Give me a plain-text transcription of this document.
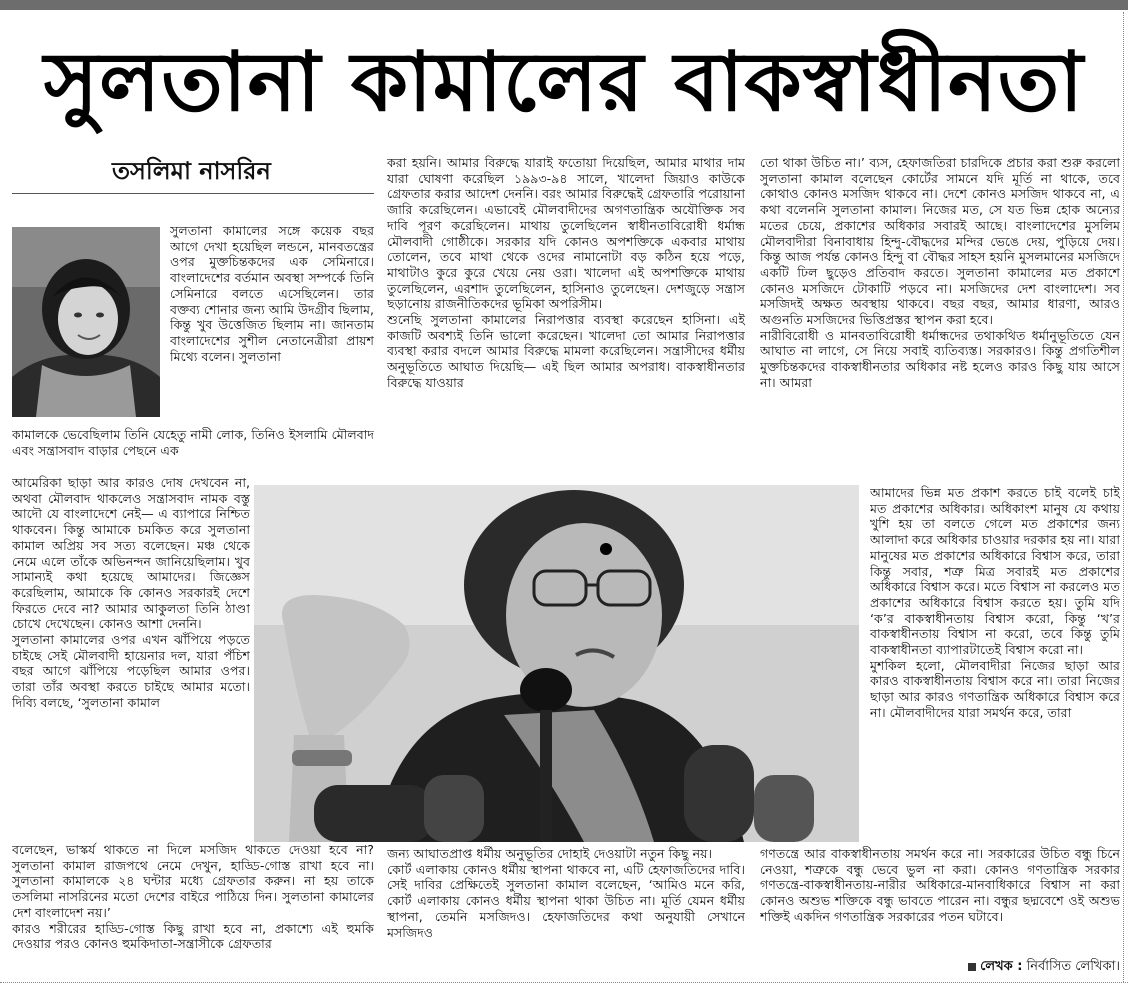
সুলতানা কামালের বাকস্বাধীনতা
তসলিমা নাসরিন

সুলতানা কামালের সঙ্গে কয়েক বছর আগে দেখা হয়েছিল লন্ডনে, মানবতন্ত্রের ওপর মুক্তচিন্তকদের এক সেমিনারে। বাংলাদেশের বর্তমান অবস্থা সম্পর্কে তিনি সেমিনারে বলতে এসেছিলেন। তার বক্তব্য শোনার জন্য আমি উদগ্রীব ছিলাম, কিন্তু খুব উত্তেজিত ছিলাম না। জানতাম বাংলাদেশের সুশীল নেতানেত্রীরা প্রায়শ মিথ্যে বলেন। সুলতানা

কামালকে ভেবেছিলাম তিনি যেহেতু নামী লোক, তিনিও ইসলামি মৌলবাদ এবং সন্ত্রাসবাদ বাড়ার পেছনে এক

আমেরিকা ছাড়া আর কারও দোষ দেখবেন না, অথবা মৌলবাদ থাকলেও সন্ত্রাসবাদ নামক বস্তু আদৌ যে বাংলাদেশে নেই— এ ব্যাপারে নিশ্চিত থাকবেন। কিন্তু আমাকে চমকিত করে সুলতানা কামাল অপ্রিয় সব সত্য বলেছেন। মঞ্চ থেকে নেমে এলে তাঁকে অভিনন্দন জানিয়েছিলাম। খুব সামান্যই কথা হয়েছে আমাদের। জিজ্ঞেস করেছিলাম, আমাকে কি কোনও সরকারই দেশে ফিরতে দেবে না? আমার আকুলতা তিনি ঠাণ্ডা চোখে দেখেছেন। কোনও আশা দেননি।

সুলতানা কামালের ওপর এখন ঝাঁপিয়ে পড়তে চাইছে সেই মৌলবাদী হায়েনার দল, যারা পঁচিশ বছর আগে ঝাঁপিয়ে পড়েছিল আমার ওপর। তারা তাঁর অবস্থা করতে চাইছে আমার মতো। দিব্যি বলছে, ‘সুলতানা কামাল

বলেছেন, ভাস্কর্য থাকতে না দিলে মসজিদ থাকতে দেওয়া হবে না? সুলতানা কামাল রাজপথে নেমে দেখুন, হাড্ডি-গোস্ত রাখা হবে না। সুলতানা কামালকে ২৪ ঘন্টার মধ্যে গ্রেফতার করুন। না হয় তাকে তসলিমা নাসরিনের মতো দেশের বাইরে পাঠিয়ে দিন। সুলতানা কামালের দেশ বাংলাদেশ নয়।’

কারও শরীরের হাড্ডি-গোস্ত কিছু রাখা হবে না, প্রকাশ্যে এই হুমকি দেওয়ার পরও কোনও হুমকিদাতা-সন্ত্রাসীকে গ্রেফতার

করা হয়নি। আমার বিরুদ্ধে যারাই ফতোয়া দিয়েছিল, আমার মাথার দাম যারা ঘোষণা করেছিল ১৯৯৩-৯৪ সালে, খালেদা জিয়াও কাউকে গ্রেফতার করার আদেশ দেননি। বরং আমার বিরুদ্ধেই গ্রেফতারি পরোয়ানা জারি করেছিলেন। এভাবেই মৌলবাদীদের অগণতান্ত্রিক অযৌক্তিক সব দাবি পূরণ করেছিলেন। মাথায় তুলেছিলেন স্বাধীনতাবিরোধী ধর্মান্ধ মৌলবাদী গোষ্ঠীকে। সরকার যদি কোনও অপশক্তিকে একবার মাথায় তোলেন, তবে মাথা থেকে ওদের নামানোটা বড় কঠিন হয়ে পড়ে, মাথাটাও কুরে কুরে খেয়ে নেয় ওরা। খালেদা এই অপশক্তিকে মাথায় তুলেছিলেন, এরশাদ তুলেছিলেন, হাসিনাও তুলেছেন। দেশজুড়ে সন্ত্রাস ছড়ানোয় রাজনীতিকদের ভূমিকা অপরিসীম।

শুনেছি সুলতানা কামালের নিরাপত্তার ব্যবস্থা করেছেন হাসিনা। এই কাজটি অবশ্যই তিনি ভালো করেছেন। খালেদা তো আমার নিরাপত্তার ব্যবস্থা করার বদলে আমার বিরুদ্ধে মামলা করেছিলেন। সন্ত্রাসীদের ধর্মীয় অনুভূতিতে আঘাত দিয়েছি— এই ছিল আমার অপরাধ। বাকস্বাধীনতার বিরুদ্ধে যাওয়ার

জন্য আঘাতপ্রাপ্ত ধর্মীয় অনুভূতির দোহাই দেওয়াটা নতুন কিছু নয়।

কোর্ট এলাকায় কোনও ধর্মীয় স্থাপনা থাকবে না, এটি হেফাজতিদের দাবি। সেই দাবির প্রেক্ষিতেই সুলতানা কামাল বলেছেন, ‘আমিও মনে করি, কোর্ট এলাকায় কোনও ধর্মীয় স্থাপনা থাকা উচিত না। মূর্তি যেমন ধর্মীয় স্থাপনা, তেমনি মসজিদও। হেফাজতিদের কথা অনুযায়ী সেখানে মসজিদও

তো থাকা উচিত না।’ ব্যস, হেফাজতিরা চারদিকে প্রচার করা শুরু করলো সুলতানা কামাল বলেছেন কোর্টের সামনে যদি মূর্তি না থাকে, তবে কোথাও কোনও মসজিদ থাকবে না। দেশে কোনও মসজিদ থাকবে না, এ কথা বলেননি সুলতানা কামাল। নিজের মত, সে যত ভিন্ন হোক অন্যের মতের চেয়ে, প্রকাশের অধিকার সবারই আছে। বাংলাদেশের মুসলিম মৌলবাদীরা বিনাবাধায় হিন্দু-বৌদ্ধদের মন্দির ভেঙে দেয়, পুড়িয়ে দেয়। কিন্তু আজ পর্যন্ত কোনও হিন্দু বা বৌদ্ধর সাহস হয়নি মুসলমানের মসজিদে একটি ঢিল ছুড়েও প্রতিবাদ করতে। সুলতানা কামালের মত প্রকাশে কোনও মসজিদে টোকাটি পড়বে না। মসজিদের দেশ বাংলাদেশ। সব মসজিদই অক্ষত অবস্থায় থাকবে। বছর বছর, আমার ধারণা, আরও অগুনতি মসজিদের ভিত্তিপ্রস্তর স্থাপন করা হবে।

নারীবিরোধী ও মানবতাবিরোধী ধর্মান্ধদের তথাকথিত ধর্মানুভূতিতে যেন আঘাত না লাগে, সে নিয়ে সবাই ব্যতিব্যস্ত। সরকারও। কিন্তু প্রগতিশীল মুক্তচিন্তকদের বাকস্বাধীনতার অধিকার নষ্ট হলেও কারও কিছু যায় আসে না। আমরা

আমাদের ভিন্ন মত প্রকাশ করতে চাই বলেই চাই মত প্রকাশের অধিকার। অধিকাংশ মানুষ যে কথায় খুশি হয় তা বলতে গেলে মত প্রকাশের জন্য আলাদা করে অধিকার চাওয়ার দরকার হয় না। যারা মানুষের মত প্রকাশের অধিকারে বিশ্বাস করে, তারা কিন্তু সবার, শত্রু মিত্র সবারই মত প্রকাশের অধিকারে বিশ্বাস করে। মতে বিশ্বাস না করলেও মত প্রকাশের অধিকারে বিশ্বাস করতে হয়। তুমি যদি ‘ক’র বাকস্বাধীনতায় বিশ্বাস করো, কিন্তু ‘খ’র বাকস্বাধীনতায় বিশ্বাস না করো, তবে কিন্তু তুমি বাকস্বাধীনতা ব্যাপারটাতেই বিশ্বাস করো না।

মুশকিল হলো, মৌলবাদীরা নিজের ছাড়া আর কারও বাকস্বাধীনতায় বিশ্বাস করে না। তারা নিজের ছাড়া আর কারও গণতান্ত্রিক অধিকারে বিশ্বাস করে না। মৌলবাদীদের যারা সমর্থন করে, তারা

গণতন্ত্রে আর বাকস্বাধীনতায় সমর্থন করে না। সরকারের উচিত বন্ধু চিনে নেওয়া, শত্রুকে বন্ধু ভেবে ভুল না করা। কোনও গণতান্ত্রিক সরকার গণতন্ত্রে-বাকস্বাধীনতায়-নারীর অধিকারে-মানবাধিকারে বিশ্বাস না করা কোনও অশুভ শক্তিকে বন্ধু ভাবতে পারেন না। বন্ধুর ছদ্মবেশে ওই অশুভ শক্তিই একদিন গণতান্ত্রিক সরকারের পতন ঘটাবে।

লেখক : নির্বাসিত লেখিকা।
